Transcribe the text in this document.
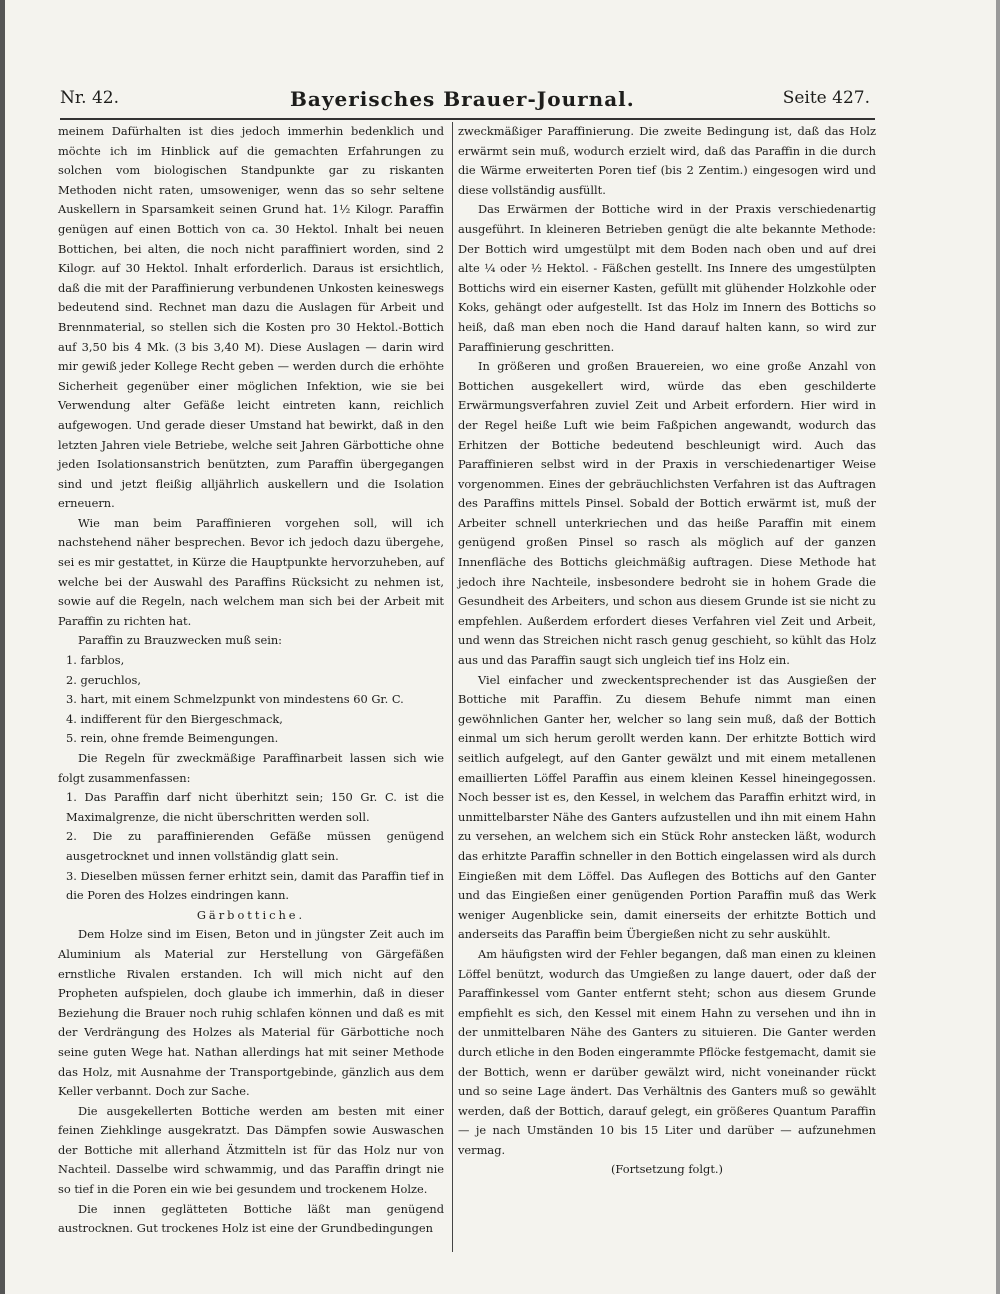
Nr. 42.	Bayerisches Brauer-Journal.	Seite 427.

meinem Dafürhalten ist dies jedoch immerhin bedenklich und möchte ich im Hinblick auf die gemachten Erfahrungen zu solchen vom biologischen Standpunkte gar zu riskanten Methoden nicht raten, umsoweniger, wenn das so sehr seltene Auskellern in Sparsamkeit seinen Grund hat. 1½ Kilogr. Paraffin genügen auf einen Bottich von ca. 30 Hektol. Inhalt bei neuen Bottichen, bei alten, die noch nicht paraffiniert worden, sind 2 Kilogr. auf 30 Hektol. Inhalt erforderlich. Daraus ist ersichtlich, daß die mit der Paraffinierung verbundenen Unkosten keineswegs bedeutend sind. Rechnet man dazu die Auslagen für Arbeit und Brennmaterial, so stellen sich die Kosten pro 30 Hektol.-Bottich auf 3,50 bis 4 Mk. (3 bis 3,40 M). Diese Auslagen — darin wird mir gewiß jeder Kollege Recht geben — werden durch die erhöhte Sicherheit gegenüber einer möglichen Infektion, wie sie bei Verwendung alter Gefäße leicht eintreten kann, reichlich aufgewogen. Und gerade dieser Umstand hat bewirkt, daß in den letzten Jahren viele Betriebe, welche seit Jahren Gärbottiche ohne jeden Isolationsanstrich benützten, zum Paraffin übergegangen sind und jetzt fleißig alljährlich auskellern und die Isolation erneuern.

Wie man beim Paraffinieren vorgehen soll, will ich nachstehend näher besprechen. Bevor ich jedoch dazu übergehe, sei es mir gestattet, in Kürze die Hauptpunkte hervorzuheben, auf welche bei der Auswahl des Paraffins Rücksicht zu nehmen ist, sowie auf die Regeln, nach welchem man sich bei der Arbeit mit Paraffin zu richten hat.

Paraffin zu Brauzwecken muß sein:

1. farblos,

2. geruchlos,

3. hart, mit einem Schmelzpunkt von mindestens 60 Gr. C.

4. indifferent für den Biergeschmack,

5. rein, ohne fremde Beimengungen.

Die Regeln für zweckmäßige Paraffinarbeit lassen sich wie folgt zusammenfassen:

1. Das Paraffin darf nicht überhitzt sein; 150 Gr. C. ist die Maximalgrenze, die nicht überschritten werden soll.

2. Die zu paraffinierenden Gefäße müssen genügend ausgetrocknet und innen vollständig glatt sein.

3. Dieselben müssen ferner erhitzt sein, damit das Paraffin tief in die Poren des Holzes eindringen kann.

Gärbottiche.

Dem Holze sind im Eisen, Beton und in jüngster Zeit auch im Aluminium als Material zur Herstellung von Gärgefäßen ernstliche Rivalen erstanden. Ich will mich nicht auf den Propheten aufspielen, doch glaube ich immerhin, daß in dieser Beziehung die Brauer noch ruhig schlafen können und daß es mit der Verdrängung des Holzes als Material für Gärbottiche noch seine guten Wege hat. Nathan allerdings hat mit seiner Methode das Holz, mit Ausnahme der Transportgebinde, gänzlich aus dem Keller verbannt. Doch zur Sache.

Die ausgekellerten Bottiche werden am besten mit einer feinen Ziehklinge ausgekratzt. Das Dämpfen sowie Auswaschen der Bottiche mit allerhand Ätzmitteln ist für das Holz nur von Nachteil. Dasselbe wird schwammig, und das Paraffin dringt nie so tief in die Poren ein wie bei gesundem und trockenem Holze.

Die innen geglätteten Bottiche läßt man genügend austrocknen. Gut trockenes Holz ist eine der Grundbedingungen

zweckmäßiger Paraffinierung. Die zweite Bedingung ist, daß das Holz erwärmt sein muß, wodurch erzielt wird, daß das Paraffin in die durch die Wärme erweiterten Poren tief (bis 2 Zentim.) eingesogen wird und diese vollständig ausfüllt.

Das Erwärmen der Bottiche wird in der Praxis verschiedenartig ausgeführt. In kleineren Betrieben genügt die alte bekannte Methode: Der Bottich wird umgestülpt mit dem Boden nach oben und auf drei alte ¼ oder ½ Hektol. - Fäßchen gestellt. Ins Innere des umgestülpten Bottichs wird ein eiserner Kasten, gefüllt mit glühender Holzkohle oder Koks, gehängt oder aufgestellt. Ist das Holz im Innern des Bottichs so heiß, daß man eben noch die Hand darauf halten kann, so wird zur Paraffinierung geschritten.

In größeren und großen Brauereien, wo eine große Anzahl von Bottichen ausgekellert wird, würde das eben geschilderte Erwärmungsverfahren zuviel Zeit und Arbeit erfordern. Hier wird in der Regel heiße Luft wie beim Faßpichen angewandt, wodurch das Erhitzen der Bottiche bedeutend beschleunigt wird. Auch das Paraffinieren selbst wird in der Praxis in verschiedenartiger Weise vorgenommen. Eines der gebräuchlichsten Verfahren ist das Auftragen des Paraffins mittels Pinsel. Sobald der Bottich erwärmt ist, muß der Arbeiter schnell unterkriechen und das heiße Paraffin mit einem genügend großen Pinsel so rasch als möglich auf der ganzen Innenfläche des Bottichs gleichmäßig auftragen. Diese Methode hat jedoch ihre Nachteile, insbesondere bedroht sie in hohem Grade die Gesundheit des Arbeiters, und schon aus diesem Grunde ist sie nicht zu empfehlen. Außerdem erfordert dieses Verfahren viel Zeit und Arbeit, und wenn das Streichen nicht rasch genug geschieht, so kühlt das Holz aus und das Paraffin saugt sich ungleich tief ins Holz ein.

Viel einfacher und zweckentsprechender ist das Ausgießen der Bottiche mit Paraffin. Zu diesem Behufe nimmt man einen gewöhnlichen Ganter her, welcher so lang sein muß, daß der Bottich einmal um sich herum gerollt werden kann. Der erhitzte Bottich wird seitlich aufgelegt, auf den Ganter gewälzt und mit einem metallenen emaillierten Löffel Paraffin aus einem kleinen Kessel hineingegossen. Noch besser ist es, den Kessel, in welchem das Paraffin erhitzt wird, in unmittelbarster Nähe des Ganters aufzustellen und ihn mit einem Hahn zu versehen, an welchem sich ein Stück Rohr anstecken läßt, wodurch das erhitzte Paraffin schneller in den Bottich eingelassen wird als durch Eingießen mit dem Löffel. Das Auflegen des Bottichs auf den Ganter und das Eingießen einer genügenden Portion Paraffin muß das Werk weniger Augenblicke sein, damit einerseits der erhitzte Bottich und anderseits das Paraffin beim Übergießen nicht zu sehr auskühlt.

Am häufigsten wird der Fehler begangen, daß man einen zu kleinen Löffel benützt, wodurch das Umgießen zu lange dauert, oder daß der Paraffinkessel vom Ganter entfernt steht; schon aus diesem Grunde empfiehlt es sich, den Kessel mit einem Hahn zu versehen und ihn in der unmittelbaren Nähe des Ganters zu situieren. Die Ganter werden durch etliche in den Boden eingerammte Pflöcke festgemacht, damit sie der Bottich, wenn er darüber gewälzt wird, nicht voneinander rückt und so seine Lage ändert. Das Verhältnis des Ganters muß so gewählt werden, daß der Bottich, darauf gelegt, ein größeres Quantum Paraffin — je nach Umständen 10 bis 15 Liter und darüber — aufzunehmen vermag.

(Fortsetzung folgt.)
